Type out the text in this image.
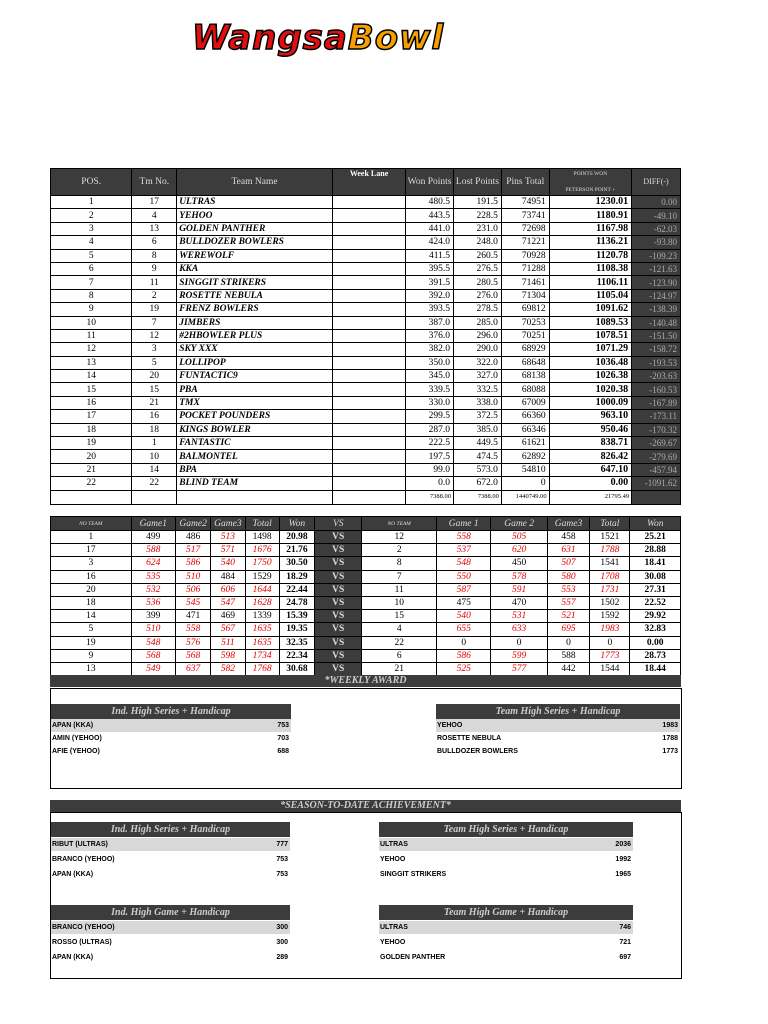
WangsaBowl
POS.	Tm No.	Team Name	Week Lane	Won Points	Lost Points	Pins Total	POINTS WON
PETERSON POINT +	DIFF(-)
1	17	ULTRAS		480.5	191.5	74951	1230.01	0.00
2	4	YEHOO		443.5	228.5	73741	1180.91	-49.10
3	13	GOLDEN PANTHER		441.0	231.0	72698	1167.98	-62.03
4	6	BULLDOZER BOWLERS		424.0	248.0	71221	1136.21	-93.80
5	8	WEREWOLF		411.5	260.5	70928	1120.78	-109.23
6	9	KKA		395.5	276.5	71288	1108.38	-121.63
7	11	SINGGIT STRIKERS		391.5	280.5	71461	1106.11	-123.90
8	2	ROSETTE NEBULA		392.0	276.0	71304	1105.04	-124.97
9	19	FRENZ BOWLERS		393.5	278.5	69812	1091.62	-138.39
10	7	JIMBERS		387.0	285.0	70253	1089.53	-140.48
11	12	#2HBOWLER PLUS		376.0	296.0	70251	1078.51	-151.50
12	3	SKY XXX		382.0	290.0	68929	1071.29	-158.72
13	5	LOLLIPOP		350.0	322.0	68648	1036.48	-193.53
14	20	FUNTACTIC9		345.0	327.0	68138	1026.38	-203.63
15	15	PBA		339.5	332.5	68088	1020.38	-160.53
16	21	TMX		330.0	338.0	67009	1000.09	-167.89
17	16	POCKET POUNDERS		299.5	372.5	66360	963.10	-173.11
18	18	KINGS BOWLER		287.0	385.0	66346	950.46	-170.32
19	1	FANTASTIC		222.5	449.5	61621	838.71	-269.67
20	10	BALMONTEL		197.5	474.5	62892	826.42	-279.69
21	14	BPA		99.0	573.0	54810	647.10	-457.94
22	22	BLIND TEAM		0.0	672.0	0	0.00	-1091.62
				7388.00	7388.00	1440749.00	21795.49	
NO TEAM	Game1	Game2	Game3	Total	Won	VS	NO TEAM	Game 1	Game 2	Game3	Total	Won
1	499	486	513	1498	20.98	VS	12	558	505	458	1521	25.21
17	588	517	571	1676	21.76	VS	2	537	620	631	1788	28.88
3	624	586	540	1750	30.50	VS	8	548	450	507	1541	18.41
16	535	510	484	1529	18.29	VS	7	550	578	580	1708	30.08
20	532	506	606	1644	22.44	VS	11	587	591	553	1731	27.31
18	536	545	547	1628	24.78	VS	10	475	470	557	1502	22.52
14	399	471	469	1339	15.39	VS	15	540	531	521	1592	29.92
5	510	558	567	1635	19.35	VS	4	655	633	695	1983	32.83
19	548	576	511	1635	32.35	VS	22	0	0	0	0	0.00
9	568	568	598	1734	22.34	VS	6	586	599	588	1773	28.73
13	549	637	582	1768	30.68	VS	21	525	577	442	1544	18.44
*WEEKLY AWARD
Ind. High Series + Handicap	Team High Series + Handicap
APAN (KKA)	753
AMIN (YEHOO)	703
AFIE (YEHOO)	688
YEHOO	1983
ROSETTE NEBULA	1788
BULLDOZER BOWLERS	1773
*SEASON-TO-DATE ACHIEVEMENT*
Ind. High Series + Handicap	Team High Series + Handicap
Ind. High Game + Handicap	Team High Game + Handicap
RIBUT (ULTRAS)	777
BRANCO (YEHOO)	753
APAN (KKA)	753
ULTRAS	2036
YEHOO	1992
SINGGIT STRIKERS	1965
BRANCO (YEHOO)	300
ROSSO (ULTRAS)	300
APAN (KKA)	289
ULTRAS	746
YEHOO	721
GOLDEN PANTHER	697
